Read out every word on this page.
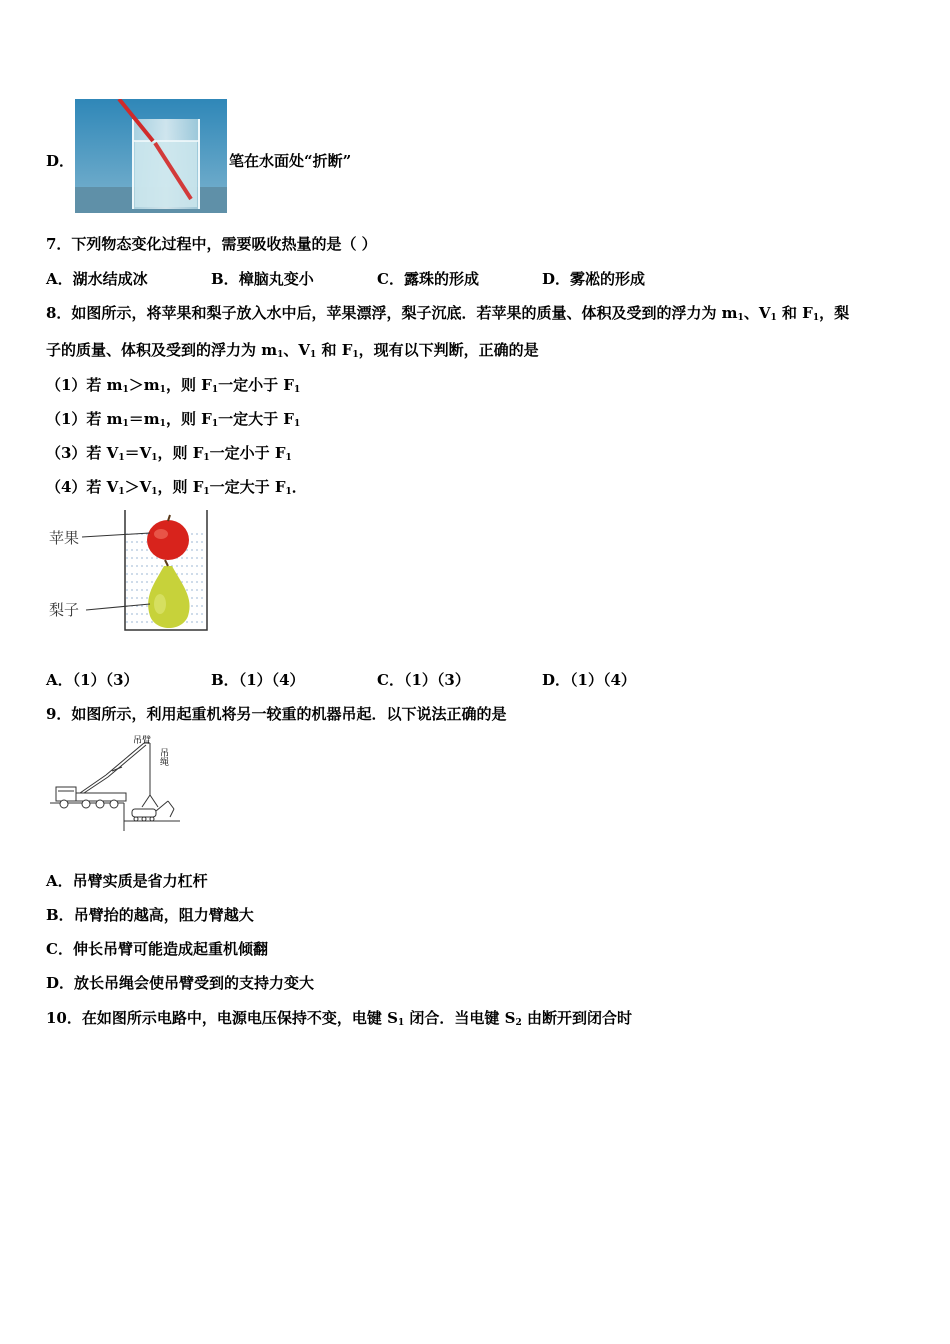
D．	笔在水面处“折断”
7．下列物态变化过程中，需要吸收热量的是（ ）
A．湖水结成冰	B．樟脑丸变小	C．露珠的形成	D．雾凇的形成
8．如图所示，将苹果和梨子放入水中后，苹果漂浮，梨子沉底．若苹果的质量、体积及受到的浮力为 $m_1$、$V_1$ 和 $F_1$，梨
子的质量、体积及受到的浮力为 $m_1$、$V_1$ 和 $F_1$，现有以下判断，正确的是
（1）若 $m_1>m_1$，则 $F_1$一定小于 $F_1$
（1）若 $m_1=m_1$，则 $F_1$一定大于 $F_1$
（3）若 $V_1=V_1$，则 $F_1$一定小于 $F_1$
（4）若 $V_1>V_1$，则 $F_1$一定大于 $F_1$．
苹果
梨子
A．（1）（3）	B．（1）（4）	C．（1）（3）	D．（1）（4）
9．如图所示，利用起重机将另一较重的机器吊起．以下说法正确的是
吊臂
吊绳
A．吊臂实质是省力杠杆
B．吊臂抬的越高，阻力臂越大
C．伸长吊臂可能造成起重机倾翻
D．放长吊绳会使吊臂受到的支持力变大
10．在如图所示电路中，电源电压保持不变，电键 $S_1$ 闭合．当电键 $S_2$ 由断开到闭合时
